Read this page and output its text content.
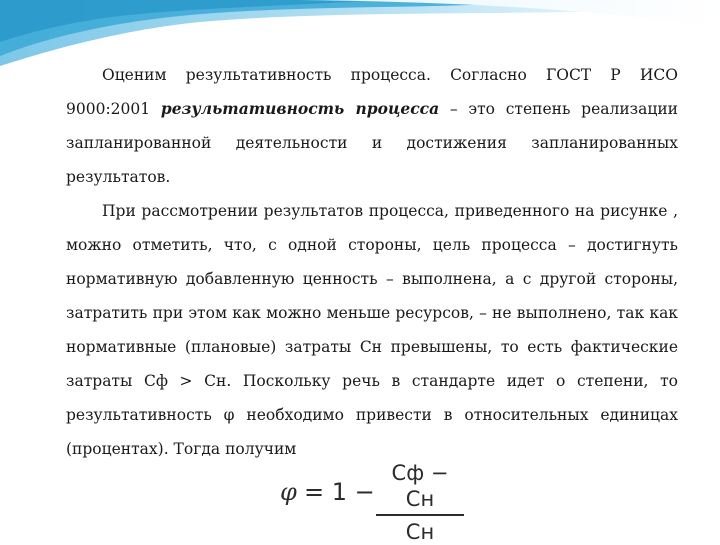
Оценим результативность процесса. Согласно ГОСТ Р ИСО 9000:2001 результативность процесса – это степень реализации запланированной деятельности и достижения запланированных результатов.

При рассмотрении результатов процесса, приведенного на рисунке , можно отметить, что, с одной стороны, цель процесса – достигнуть нормативную добавленную ценность – выполнена, а с другой стороны, затратить при этом как можно меньше ресурсов, – не выполнено, так как нормативные (плановые) затраты Сн превышены, то есть фактические затраты Сф > Сн. Поскольку речь в стандарте идет о степени, то результативность φ необходимо привести в относительных единицах (процентах). Тогда получим

φ = 1 −
Сф − Сн
Сн
